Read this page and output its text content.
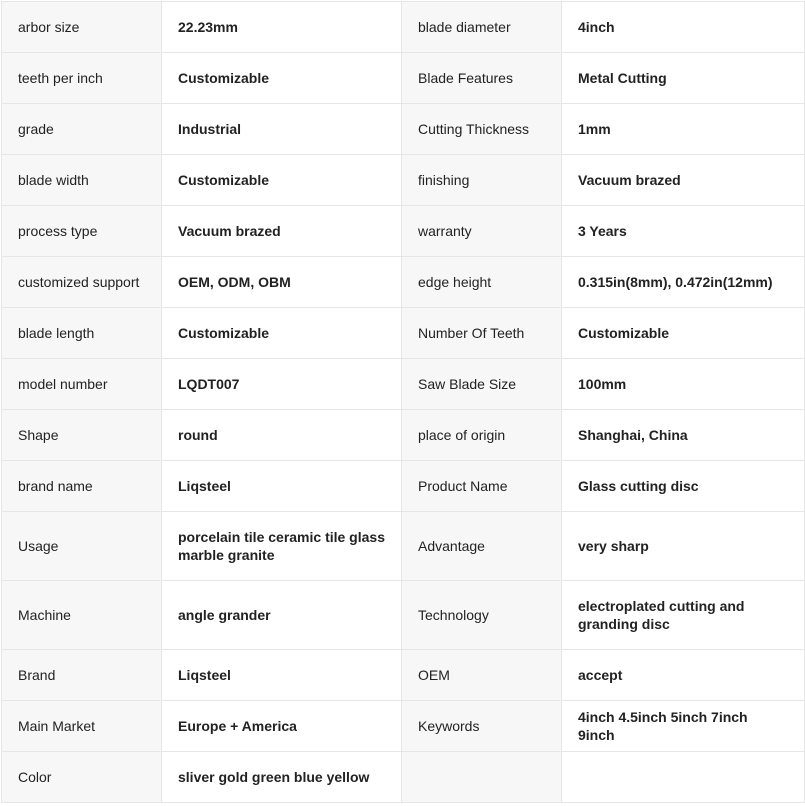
arbor size	22.23mm	blade diameter	4inch
teeth per inch	Customizable	Blade Features	Metal Cutting
grade	Industrial	Cutting Thickness	1mm
blade width	Customizable	finishing	Vacuum brazed
process type	Vacuum brazed	warranty	3 Years
customized support	OEM, ODM, OBM	edge height	0.315in(8mm), 0.472in(12mm)
blade length	Customizable	Number Of Teeth	Customizable
model number	LQDT007	Saw Blade Size	100mm
Shape	round	place of origin	Shanghai, China
brand name	Liqsteel	Product Name	Glass cutting disc
Usage	porcelain tile ceramic tile glass marble granite	Advantage	very sharp
Machine	angle grander	Technology	electroplated cutting and granding disc
Brand	Liqsteel	OEM	accept
Main Market	Europe + America	Keywords	4inch 4.5inch 5inch 7inch 9inch
Color	sliver gold green blue yellow		
